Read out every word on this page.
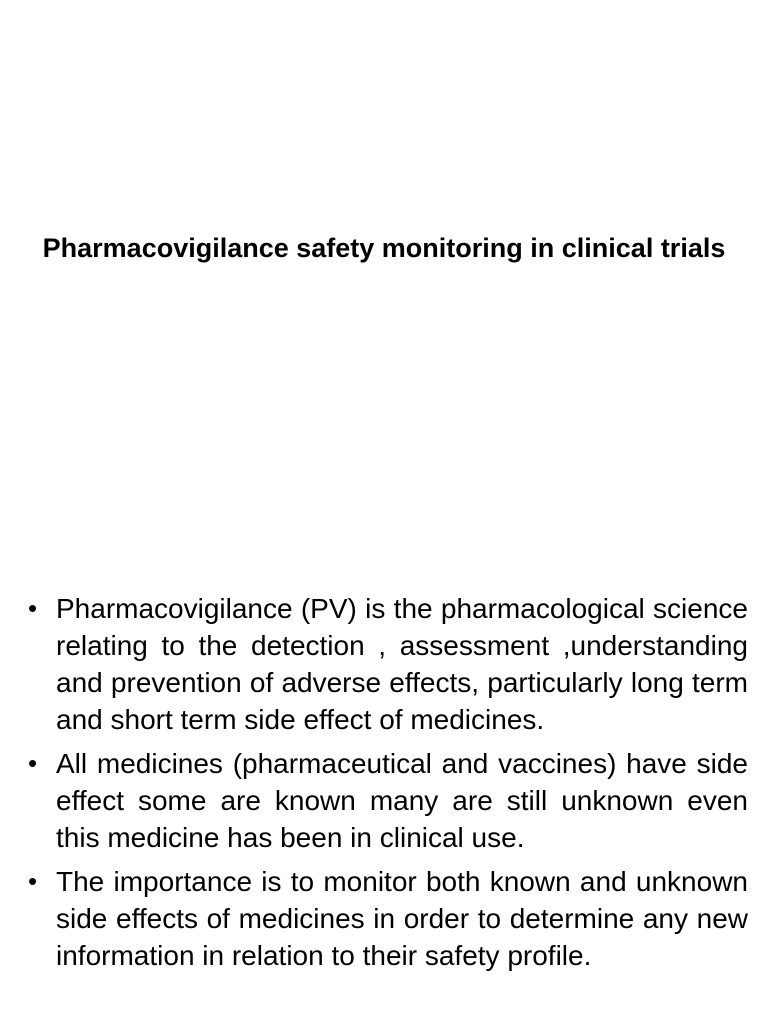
Pharmacovigilance safety monitoring in clinical trials
• Pharmacovigilance (PV) is the pharmacological science relating to the detection , assessment ,understanding and prevention of adverse effects, particularly long term and short term side effect of medicines.
• All medicines (pharmaceutical and vaccines) have side effect some are known many are still unknown even this medicine has been in clinical use.
• The importance is to monitor both known and unknown side effects of medicines in order to determine any new information in relation to their safety profile.
